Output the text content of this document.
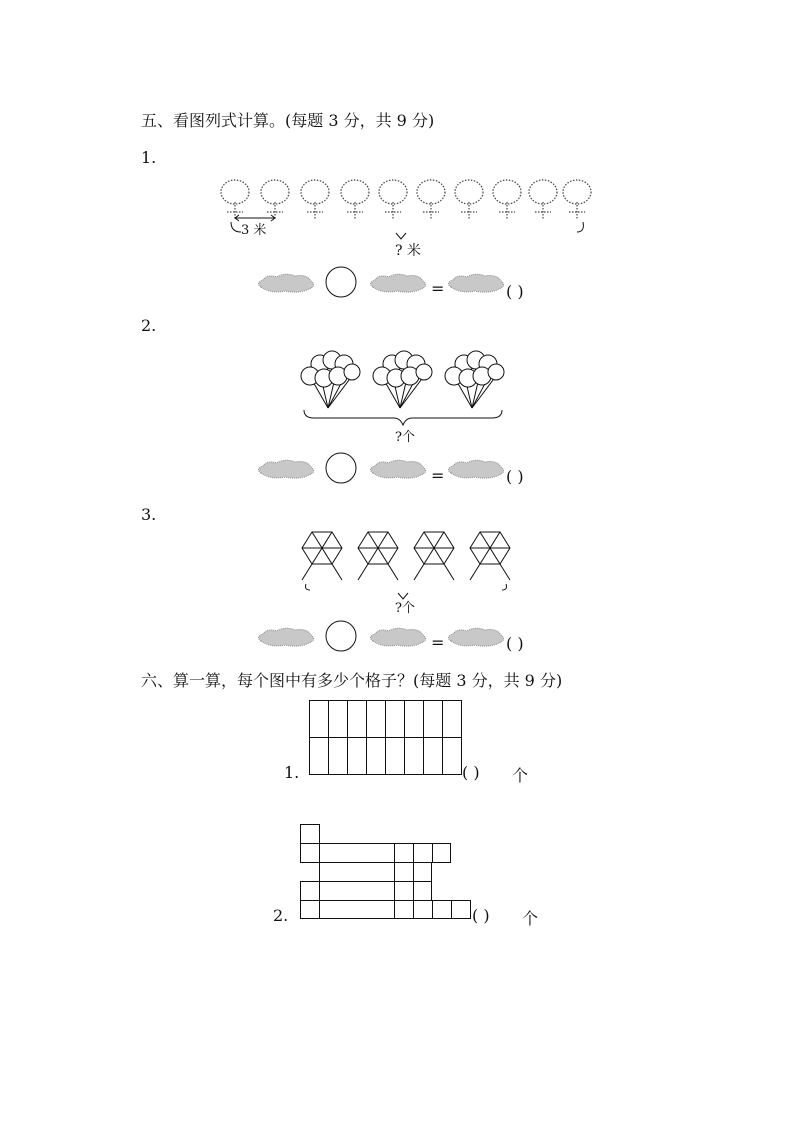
五、看图列式计算。(每题 3 分，共 9 分)
1.
3 米
? 米
=	( )
2.
?个
=	( )
3.
?个
=	( )
六、算一算，每个图中有多少个格子？(每题 3 分，共 9 分)
1.	( ) 个
2.	( ) 个
